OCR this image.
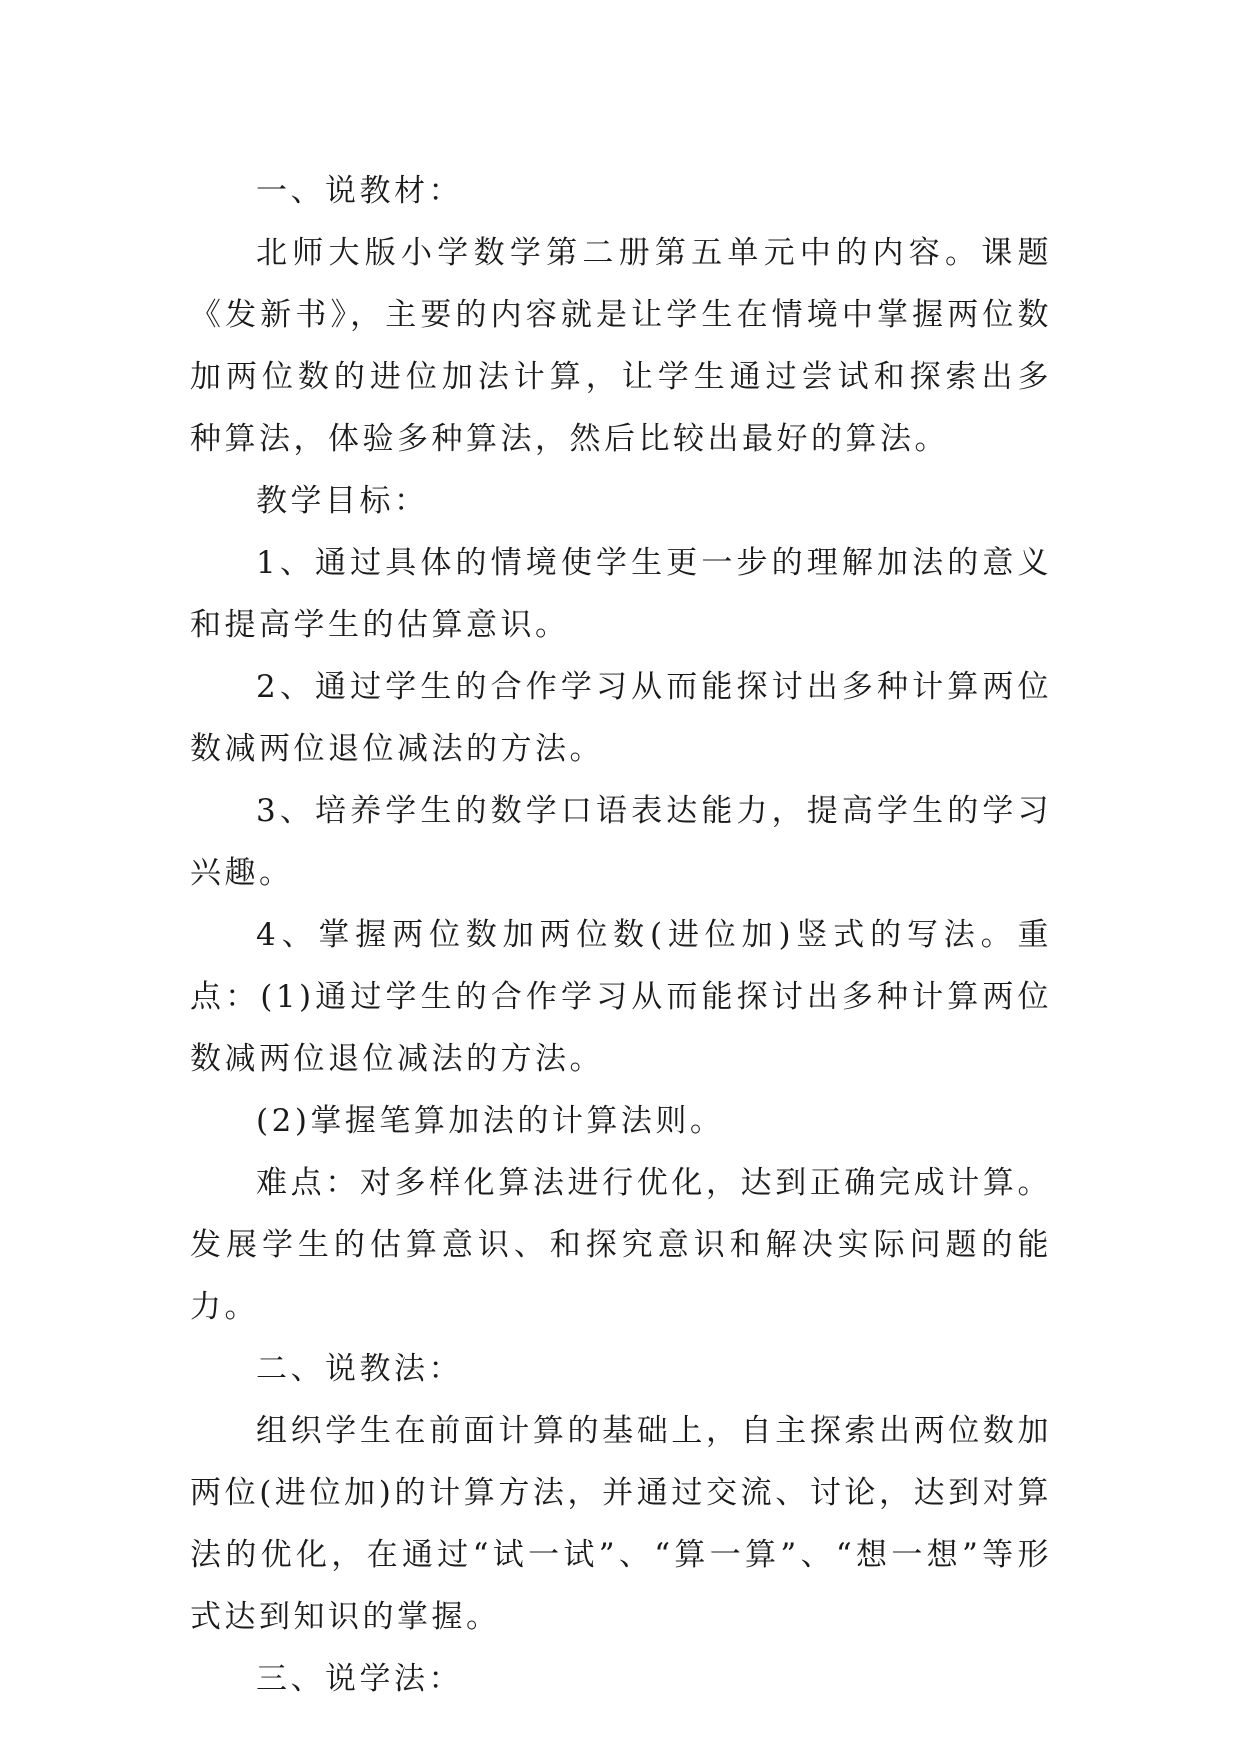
一、说教材：

北师大版小学数学第二册第五单元中的内容。课题《发新书》，主要的内容就是让学生在情境中掌握两位数加两位数的进位加法计算，让学生通过尝试和探索出多种算法，体验多种算法，然后比较出最好的算法。

教学目标：

1、通过具体的情境使学生更一步的理解加法的意义和提高学生的估算意识。

2、通过学生的合作学习从而能探讨出多种计算两位数减两位退位减法的方法。

3、培养学生的数学口语表达能力，提高学生的学习兴趣。

4、掌握两位数加两位数(进位加)竖式的写法。重点：(1)通过学生的合作学习从而能探讨出多种计算两位数减两位退位减法的方法。

(2)掌握笔算加法的计算法则。

难点：对多样化算法进行优化，达到正确完成计算。发展学生的估算意识、和探究意识和解决实际问题的能力。

二、说教法：

组织学生在前面计算的基础上，自主探索出两位数加两位(进位加)的计算方法，并通过交流、讨论，达到对算法的优化，在通过“试一试”、“算一算”、“想一想”等形式达到知识的掌握。

三、说学法：
